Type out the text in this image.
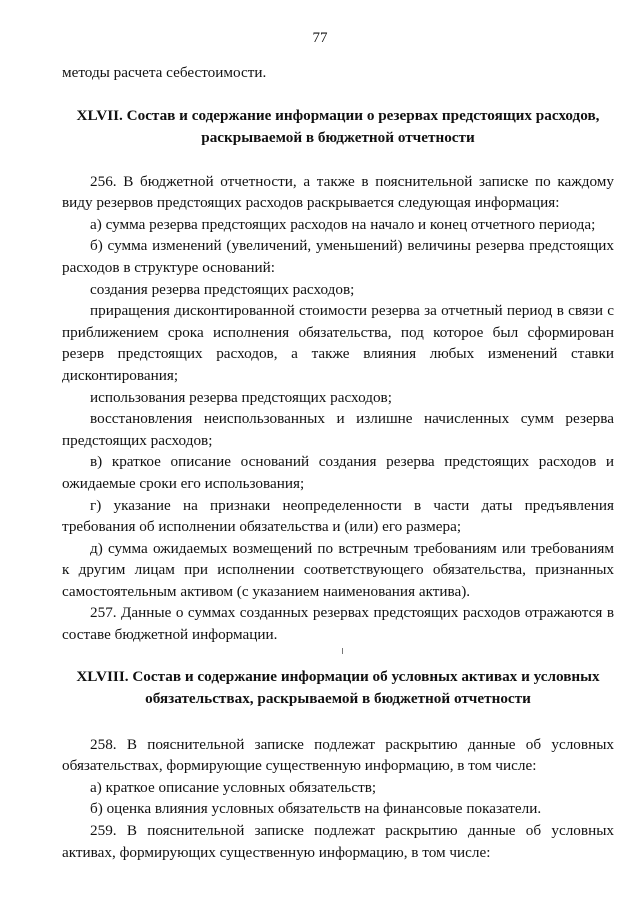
77

методы расчета себестоимости.

XLVII. Состав и содержание информации о резервах предстоящих расходов,
раскрываемой в бюджетной отчетности

256. В бюджетной отчетности, а также в пояснительной записке по каждому виду резервов предстоящих расходов раскрывается следующая информация:

а) сумма резерва предстоящих расходов на начало и конец отчетного периода;

б) сумма изменений (увеличений, уменьшений) величины резерва предстоящих расходов в структуре оснований:

создания резерва предстоящих расходов;

приращения дисконтированной стоимости резерва за отчетный период в связи с приближением срока исполнения обязательства, под которое был сформирован резерв предстоящих расходов, а также влияния любых изменений ставки дисконтирования;

использования резерва предстоящих расходов;

восстановления неиспользованных и излишне начисленных сумм резерва предстоящих расходов;

в) краткое описание оснований создания резерва предстоящих расходов и ожидаемые сроки его использования;

г) указание на признаки неопределенности в части даты предъявления требования об исполнении обязательства и (или) его размера;

д) сумма ожидаемых возмещений по встречным требованиям или требованиям к другим лицам при исполнении соответствующего обязательства, признанных самостоятельным активом (с указанием наименования актива).

257. Данные о суммах созданных резервах предстоящих расходов отражаются в составе бюджетной информации.

XLVIII. Состав и содержание информации об условных активах и условных
обязательствах, раскрываемой в бюджетной отчетности

258. В пояснительной записке подлежат раскрытию данные об условных обязательствах, формирующие существенную информацию, в том числе:

а) краткое описание условных обязательств;

б) оценка влияния условных обязательств на финансовые показатели.

259. В пояснительной записке подлежат раскрытию данные об условных активах, формирующих существенную информацию, в том числе:
